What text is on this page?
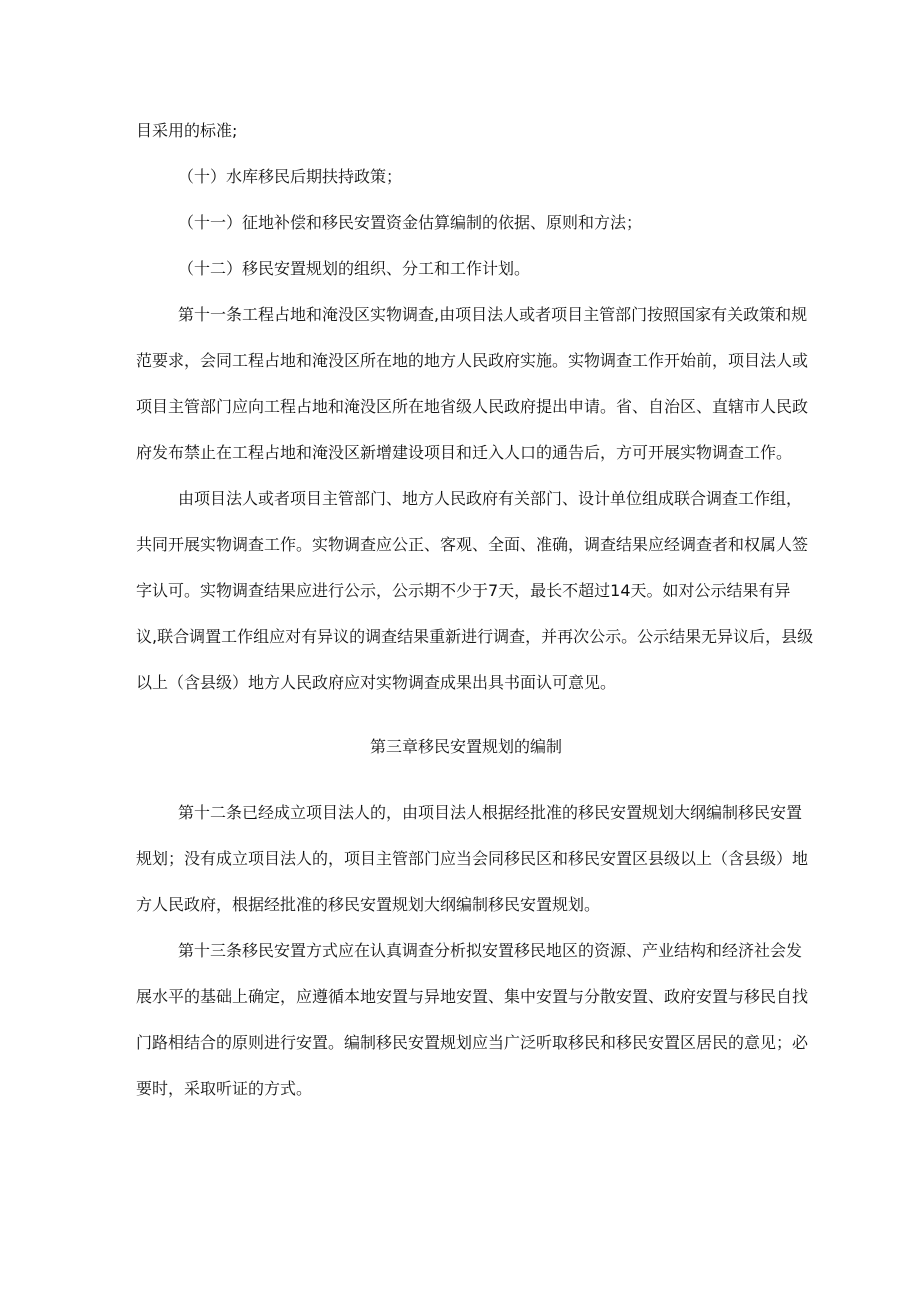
目采用的标准;

（十）水库移民后期扶持政策；

（十一）征地补偿和移民安置资金估算编制的依据、原则和方法；

（十二）移民安置规划的组织、分工和工作计划。

第十一条工程占地和淹没区实物调查,由项目法人或者项目主管部门按照国家有关政策和规

范要求，会同工程占地和淹没区所在地的地方人民政府实施。实物调查工作开始前，项目法人或

项目主管部门应向工程占地和淹没区所在地省级人民政府提出申请。省、自治区、直辖市人民政

府发布禁止在工程占地和淹没区新增建设项目和迁入人口的通告后，方可开展实物调查工作。

由项目法人或者项目主管部门、地方人民政府有关部门、设计单位组成联合调查工作组，

共同开展实物调查工作。实物调查应公正、客观、全面、准确，调查结果应经调查者和权属人签

字认可。实物调查结果应进行公示，公示期不少于7天，最长不超过14天。如对公示结果有异

议,联合调置工作组应对有异议的调查结果重新进行调查，并再次公示。公示结果无异议后，县级

以上（含县级）地方人民政府应对实物调查成果出具书面认可意见。

第三章移民安置规划的编制

第十二条已经成立项目法人的，由项目法人根据经批准的移民安置规划大纲编制移民安置

规划；没有成立项目法人的，项目主管部门应当会同移民区和移民安置区县级以上（含县级）地

方人民政府，根据经批准的移民安置规划大纲编制移民安置规划。

第十三条移民安置方式应在认真调查分析拟安置移民地区的资源、产业结构和经济社会发

展水平的基础上确定，应遵循本地安置与异地安置、集中安置与分散安置、政府安置与移民自找

门路相结合的原则进行安置。编制移民安置规划应当广泛听取移民和移民安置区居民的意见；必

要时，采取听证的方式。
